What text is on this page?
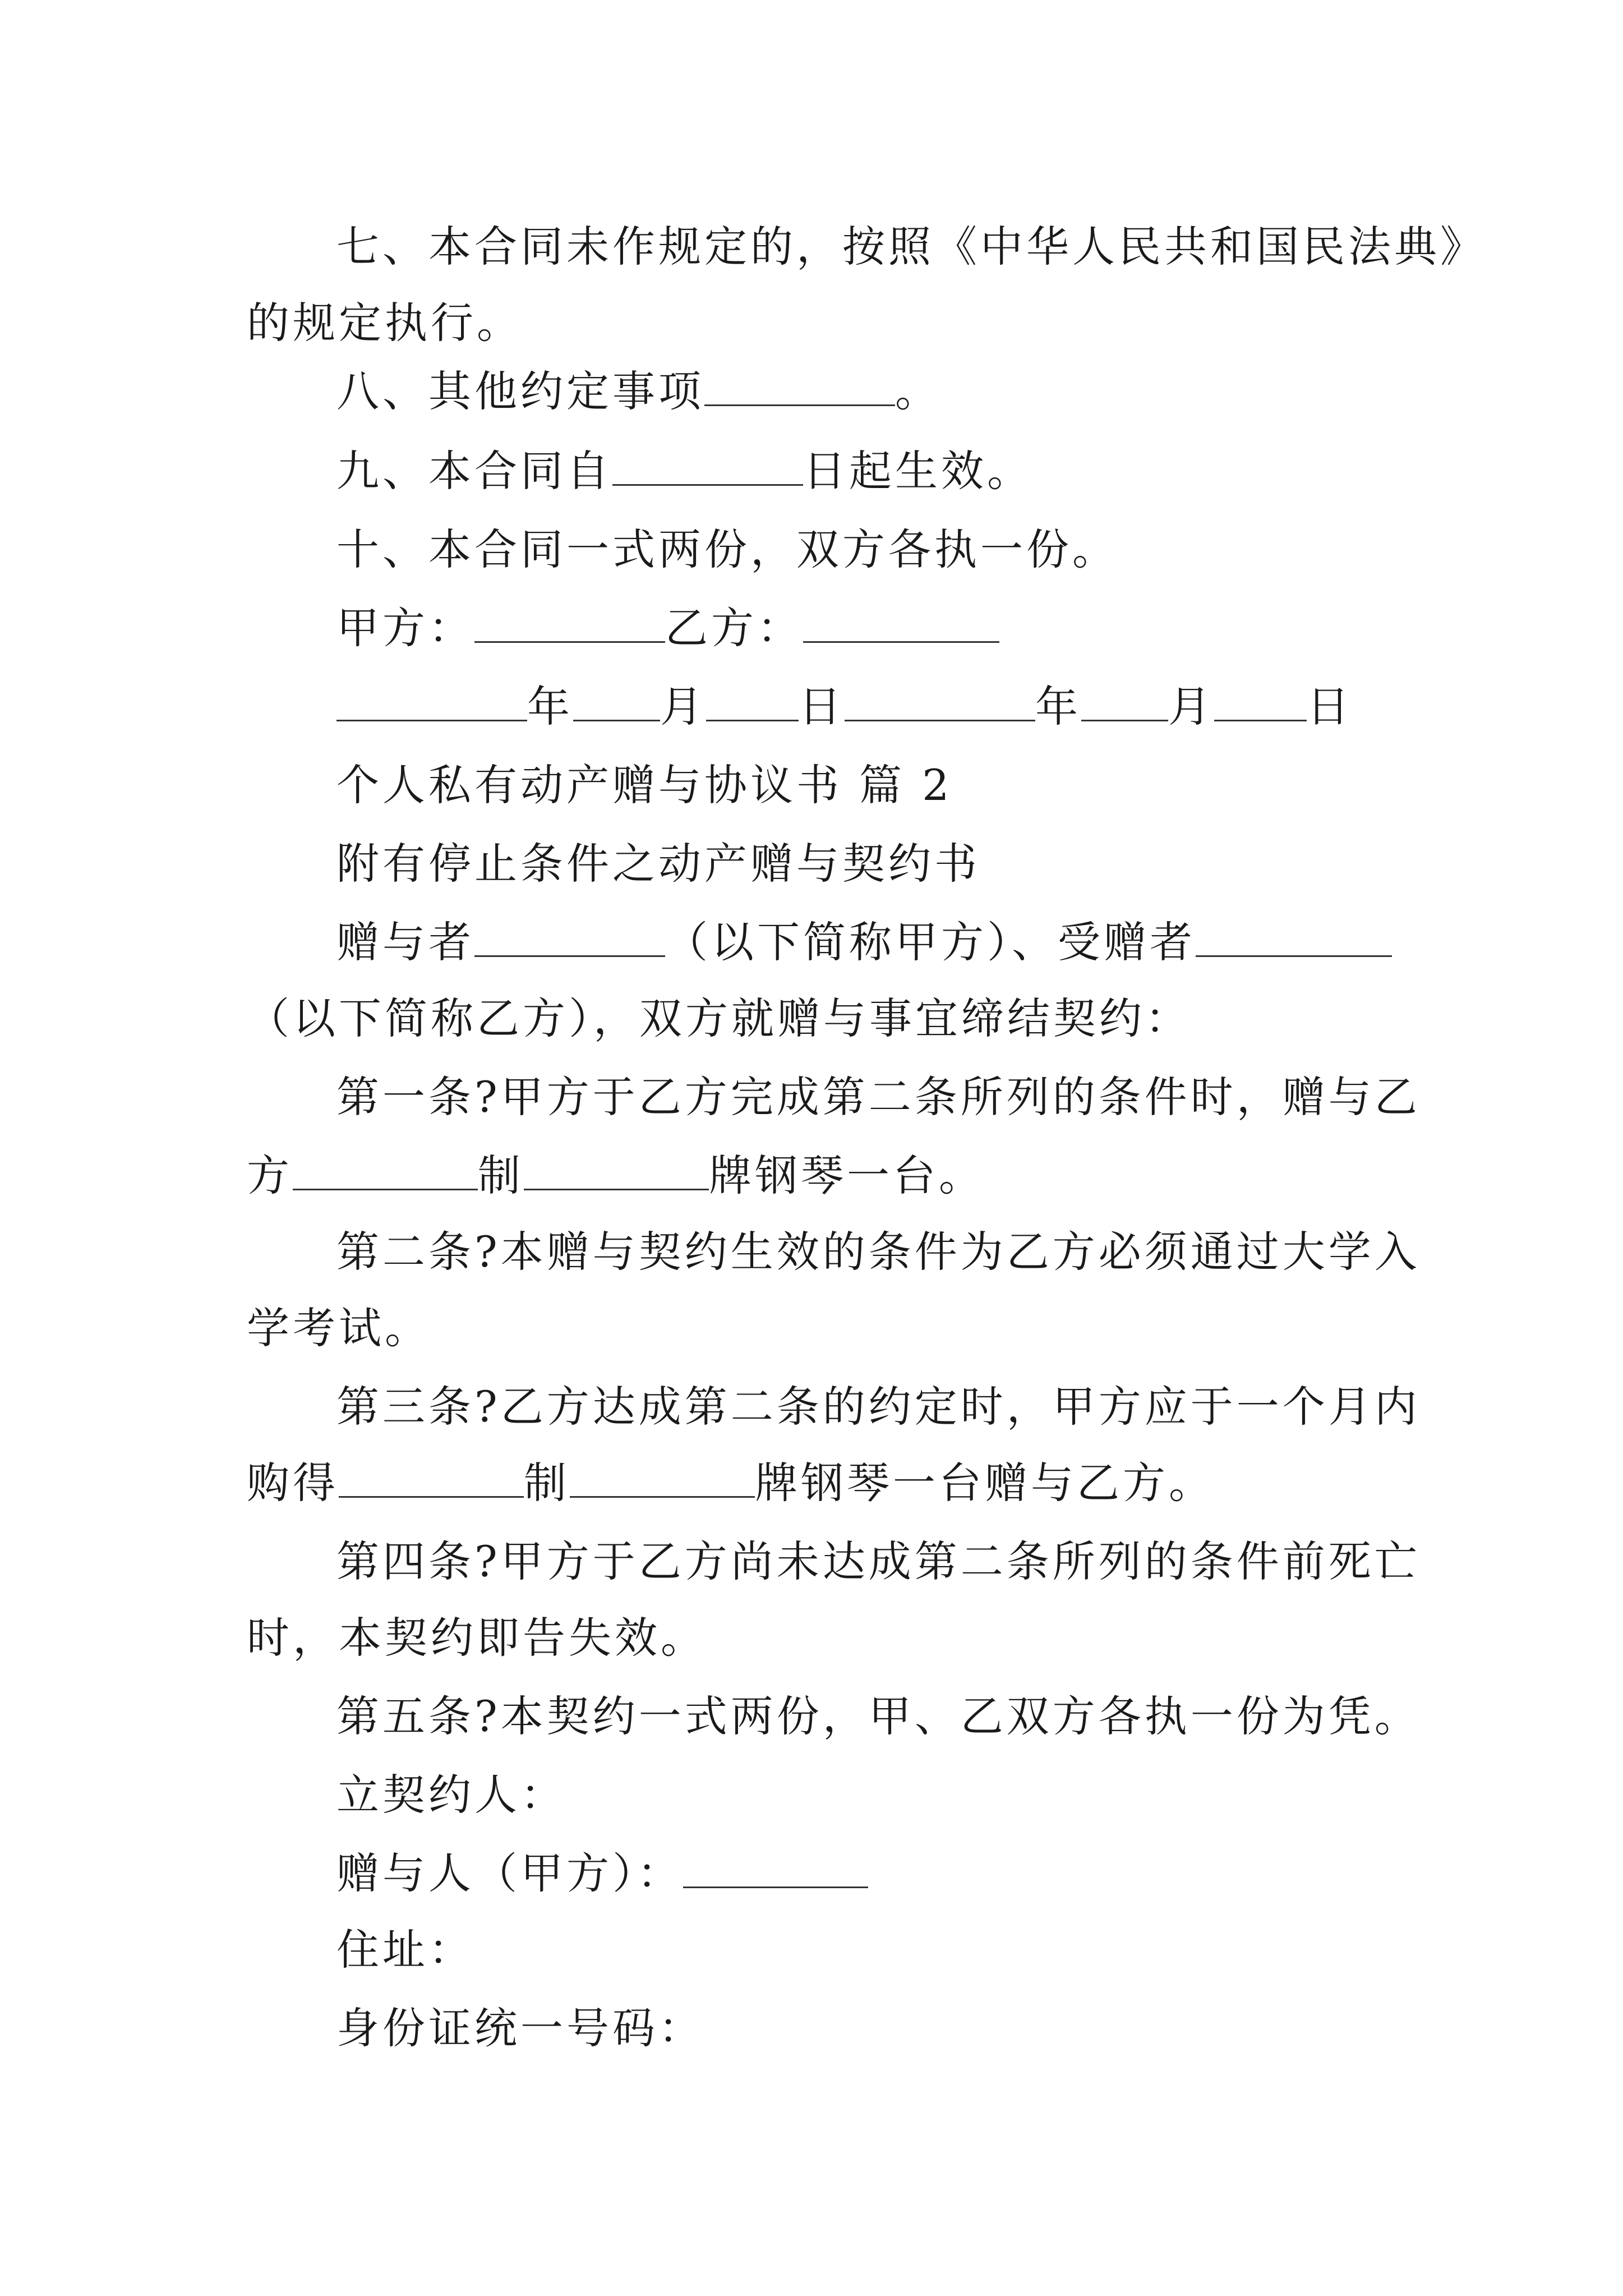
七、本合同未作规定的，按照《中华人民共和国民法典》
的规定执行。
八、其他约定事项	。
九、本合同自	日起生效。
十、本合同一式两份，双方各执一份。
甲方：	乙方：
年 月 日	年 月 日
个人私有动产赠与协议书 篇 2
附有停止条件之动产赠与契约书
赠与者	（以下简称甲方）、受赠者
（以下简称乙方），双方就赠与事宜缔结契约：
第一条?甲方于乙方完成第二条所列的条件时，赠与乙
方	制	牌钢琴一台。
第二条?本赠与契约生效的条件为乙方必须通过大学入
学考试。
第三条?乙方达成第二条的约定时，甲方应于一个月内
购得	制	牌钢琴一台赠与乙方。
第四条?甲方于乙方尚未达成第二条所列的条件前死亡
时，本契约即告失效。
第五条?本契约一式两份，甲、乙双方各执一份为凭。
立契约人：
赠与人（甲方）：
住址：
身份证统一号码：
